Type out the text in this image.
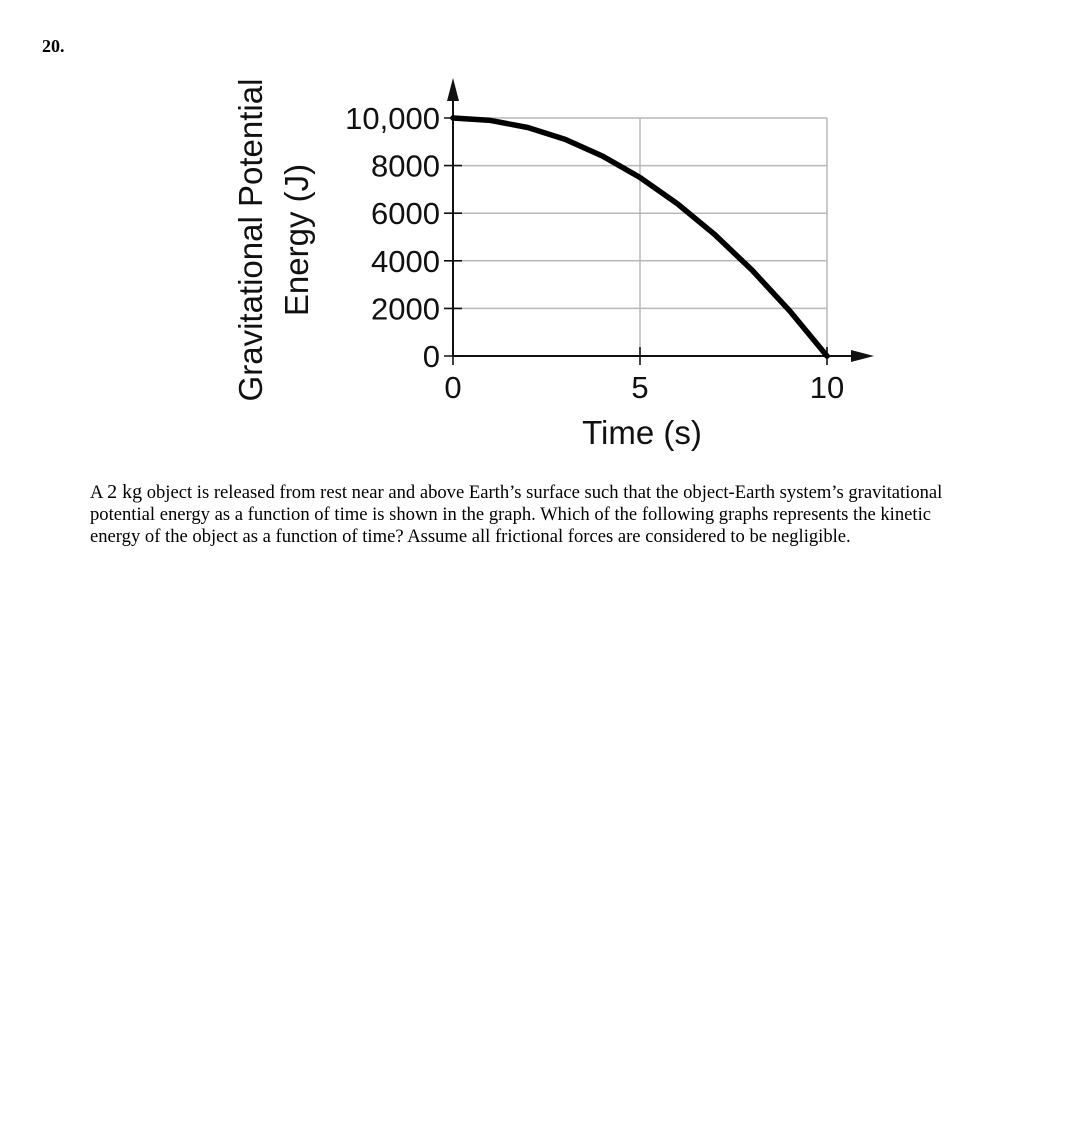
20.
0
2000
4000
6000
8000
10,000
0	5	10
Time (s)
Gravitational Potential Energy (J)
A 2 kg object is released from rest near and above Earth’s surface such that the object-Earth system’s gravitational
potential energy as a function of time is shown in the graph. Which of the following graphs represents the kinetic
energy of the object as a function of time? Assume all frictional forces are considered to be negligible.
